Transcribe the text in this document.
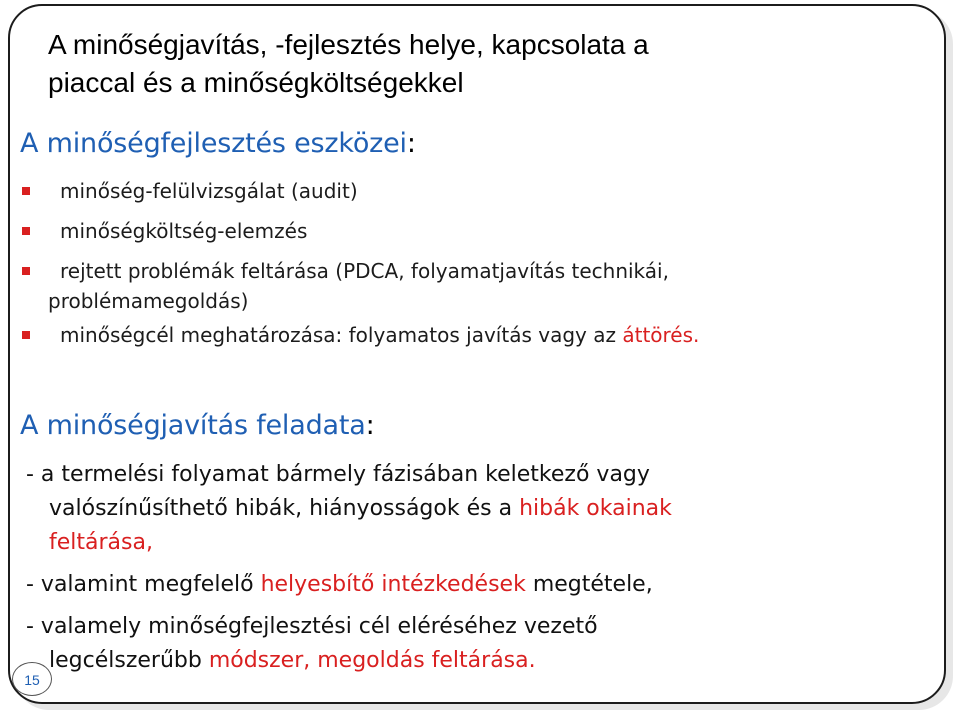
A minőségjavítás, -fejlesztés helye, kapcsolata a
piaccal és a minőségköltségekkel
A minőségfejlesztés eszközei:
minőség-felülvizsgálat (audit)
minőségköltség-elemzés
rejtett problémák feltárása (PDCA, folyamatjavítás technikái,
problémamegoldás)
minőségcél meghatározása: folyamatos javítás vagy az áttörés.
A minőségjavítás feladata:

- a termelési folyamat bármely fázisában keletkező vagy
valószínűsíthető hibák, hiányosságok és a hibák okainak
feltárása,

- valamint megfelelő helyesbítő intézkedések megtétele,

- valamely minőségfejlesztési cél eléréséhez vezető
legcélszerűbb módszer, megoldás feltárása.

15
